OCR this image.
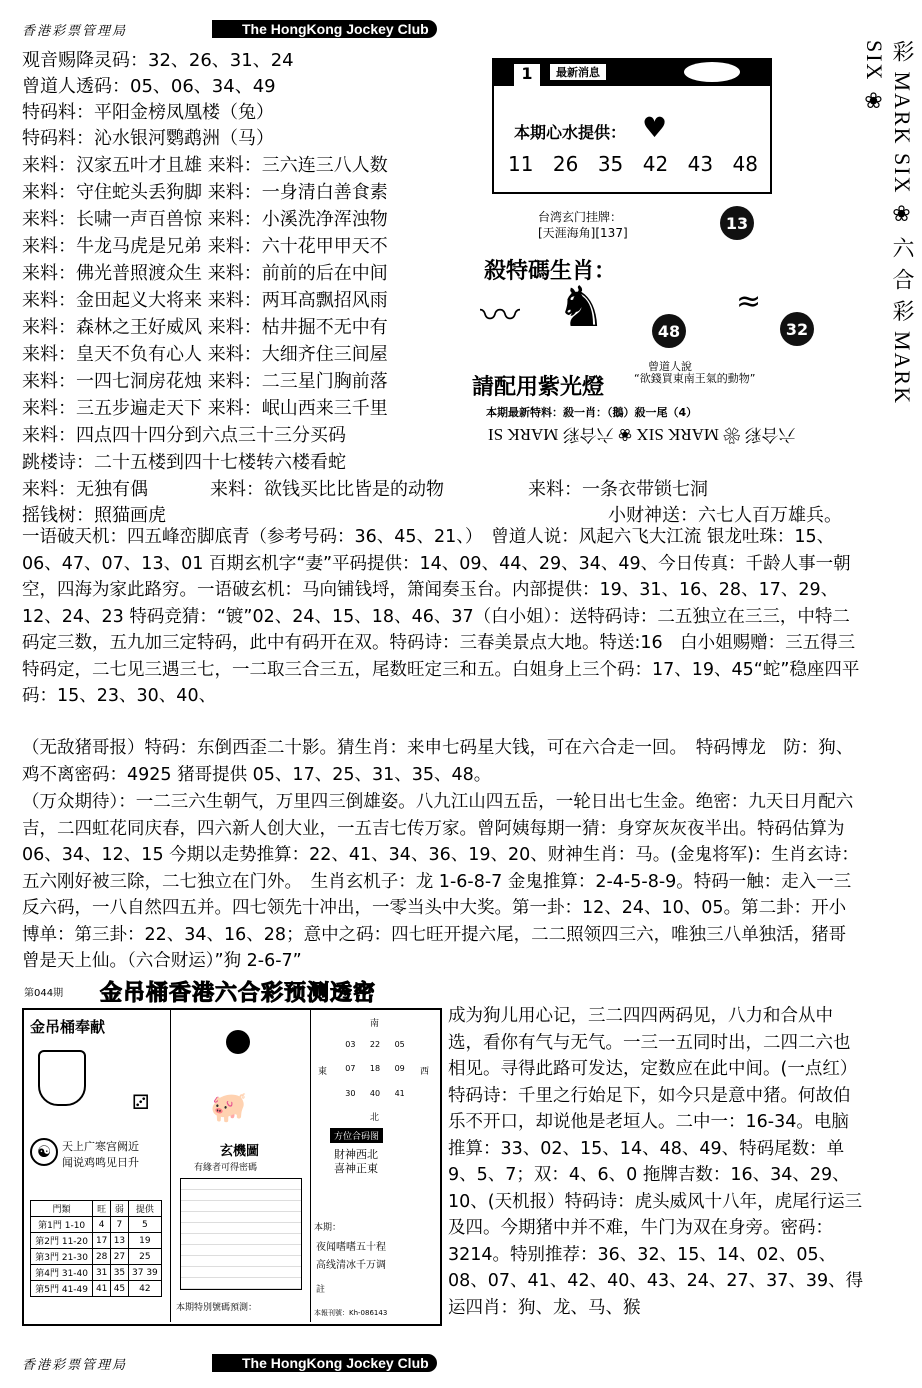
香港彩票管理局	The HongKong Jockey Club
观音赐降灵码：32、26、31、24
曾道人透码：05、06、34、49
特码料：平阳金榜凤凰楼（兔）
特码料：沁水银河鹦鹉洲（马）
来料：汉家五叶才且雄 来料：三六连三八人数
来料：守住蛇头丢狗脚 来料：一身清白善食素
来料：长啸一声百兽惊 来料：小溪洗净浑浊物
来料：牛龙马虎是兄弟 来料：六十花甲甲天不
来料：佛光普照渡众生 来料：前前的后在中间
来料：金田起义大将来 来料：两耳高飘招风雨
来料：森林之王好威风 来料：枯井掘不无中有
来料：皇天不负有心人 来料：大细齐住三间屋
来料：一四七洞房花烛 来料：二三星门胸前落
来料：三五步遍走天下 来料：岷山西来三千里
来料：四点四十四分到六点三十三分买码
跳楼诗：二十五楼到四十七楼转六楼看蛇
来料：无独有偶	来料：欲钱买比比皆是的动物	来料：一条衣带锁七洞
摇钱树：照猫画虎	小财神送：六七人百万雄兵。
1	最新消息
本期心水提供： ♥
11 26 35 42 43 48
台湾玄门挂牌：
[天涯海角][137]
13
殺特碼生肖：
〰 ♞	≈
48	32
曾道人說
“欲錢買東南王氣的動物”
請配用紫光燈
本期最新特料：殺一肖：（鵝）殺一尾（4）
六合彩 ❀ MARK SIX ❀ 六合彩 MARK SI
彩 MARK SIX ❀ 六 合 彩 MARK SIX ❀
一语破天机：四五峰峦脚底青（参考号码：36、45、21、）　曾道人说：风起六飞大江流 银龙吐珠：15、06、47、07、13、01 百期玄机字“妻”平码提供：14、09、44、29、34、49、今日传真：千龄人事一朝空，四海为家此路穷。一语破玄机：马向铺钱埒，箫闻奏玉台。内部提供：19、31、16、28、17、29、12、24、23 特码竞猜：“镀”02、24、15、18、46、37（白小姐）：送特码诗：二五独立在三三，中特二码定三数，五九加三定特码，此中有码开在双。特码诗：三春美景点大地。特送:16　白小姐赐赠：三五得三特码定，二七见三遇三七，一二取三合三五，尾数旺定三和五。白姐身上三个码：17、19、45“蛇”稳座四平码：15、23、30、40、
（无敌猪哥报）特码：东倒西歪二十影。猜生肖：来申七码星大钱，可在六合走一回。　特码博龙　防：狗、鸡不离密码：4925 猪哥提供 05、17、25、31、35、48。
（万众期待）：一二三六生朝气，万里四三倒雄姿。八九江山四五岳，一轮日出七生金。绝密：九天日月配六吉，二四虹花同庆春，四六新人创大业，一五吉七传万家。曾阿姨每期一猜：身穿灰灰夜半出。特码估算为 06、34、12、15 今期以走势推算：22、41、34、36、19、20、财神生肖：马。(金鬼将军)：生肖玄诗：五六刚好被三除，二七独立在门外。　生肖玄机子：龙 1-6-8-7 金鬼推算：2-4-5-8-9。特码一触：走入一三反六码，一八自然四五并。四七领先十冲出，一零当头中大奖。第一卦：12、24、10、05。第二卦：开小博单：第三卦：22、34、16、28；意中之码：四七旺开提六尾，二二照领四三六，唯独三八单独活，猪哥曾是天上仙。（六合财运）”狗 2-6-7”
成为狗儿用心记，三二四四两码见，八力和合从中选，看你有气与无气。一三一五同时出，二四二六也相见。寻得此路可发达，定数应在此中间。(一点红）特码诗：千里之行始足下，如今只是意中猪。何故伯乐不开口，却说他是老垣人。二中一：16-34。电脑推算：33、02、15、14、48、49、特码尾数：单 9、5、7；双：4、6、0 拖牌吉数：16、34、29、10、(天机报）特码诗：虎头威风十八年，虎尾行运三及四。今期猪中并不难，牛门为双在身旁。密码：3214。特别推荐：36、32、15、14、02、05、08、07、41、42、40、43、24、27、37、39、得运四肖：狗、龙、马、猴
第044期 金吊桶香港六合彩预测透密
金吊桶奉献
⚂
☯ 天上广寒宫阙近
闻说鸡鸣见日升
門類	旺	弱	提供
第1門 1-10	4	7	5
第2門 11-20	17	13	19
第3門 21-30	28	27	25
第4門 31-40	31	35	37 39
第5門 41-49	41	45	42
🐖
玄機圖
有緣者可得密碼
本期特別號碼預測：
南
東	西
北
03	22	05
07	18	09
30	40	41
方位合码图
財神西北
喜神正東
本期：
夜闻嗜嗜五十程
高线清冰千万调
註
本報刊號：Kh-086143
香港彩票管理局	The HongKong Jockey Club
